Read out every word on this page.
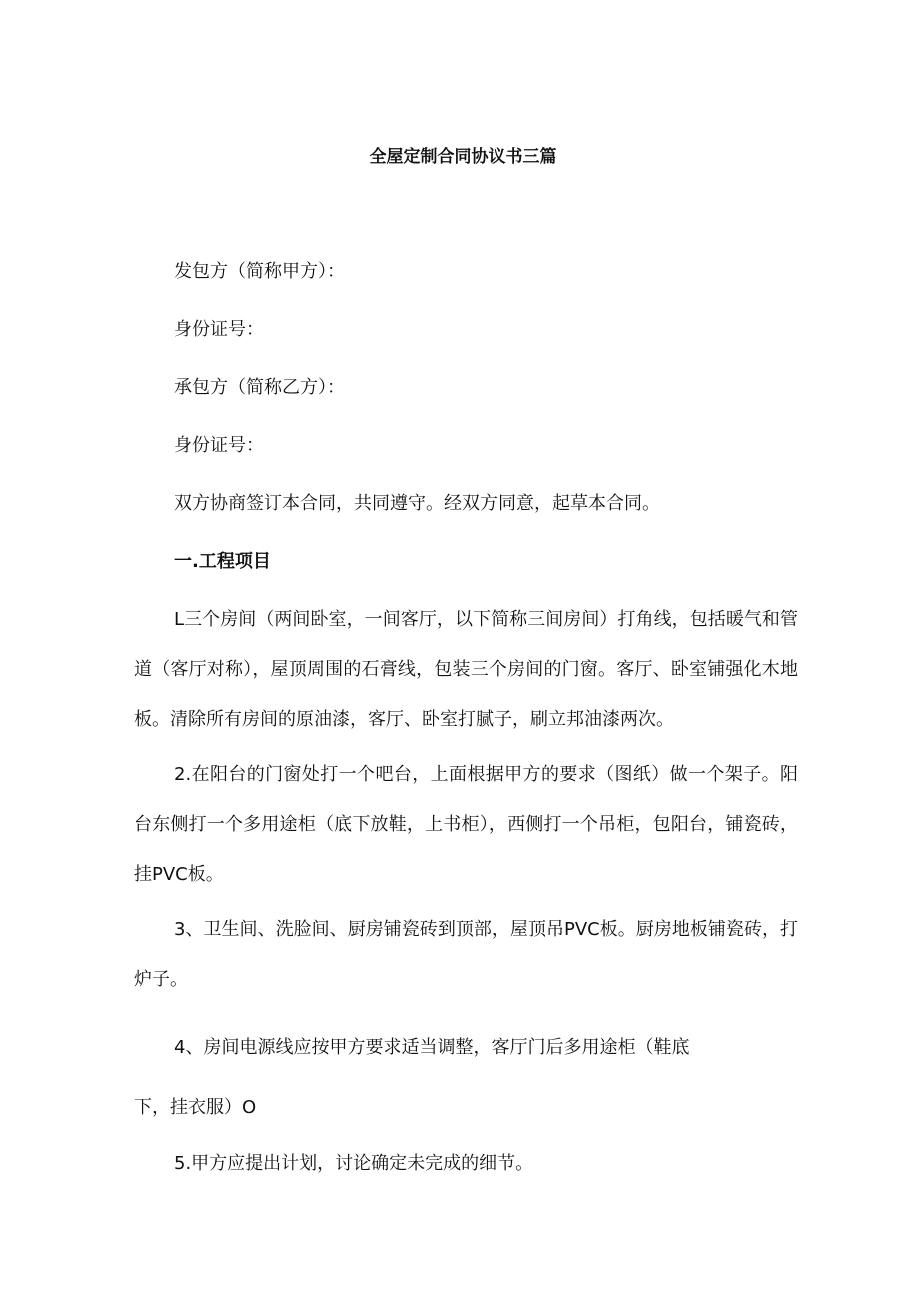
全屋定制合同协议书三篇
发包方（简称甲方）：
身份证号：
承包方（简称乙方）：
身份证号：
双方协商签订本合同，共同遵守。经双方同意，起草本合同。
一.工程项目
L三个房间（两间卧室，一间客厅，以下简称三间房间）打角线，包括暖气和管道（客厅对称），屋顶周围的石膏线，包装三个房间的门窗。客厅、卧室铺强化木地板。清除所有房间的原油漆，客厅、卧室打腻子，刷立邦油漆两次。
2.在阳台的门窗处打一个吧台，上面根据甲方的要求（图纸）做一个架子。阳台东侧打一个多用途柜（底下放鞋，上书柜），西侧打一个吊柜，包阳台，铺瓷砖，挂PVC板。
3、卫生间、洗脸间、厨房铺瓷砖到顶部，屋顶吊PVC板。厨房地板铺瓷砖，打炉子。
4、房间电源线应按甲方要求适当调整，客厅门后多用途柜（鞋底
下，挂衣服）O
5.甲方应提出计划，讨论确定未完成的细节。
